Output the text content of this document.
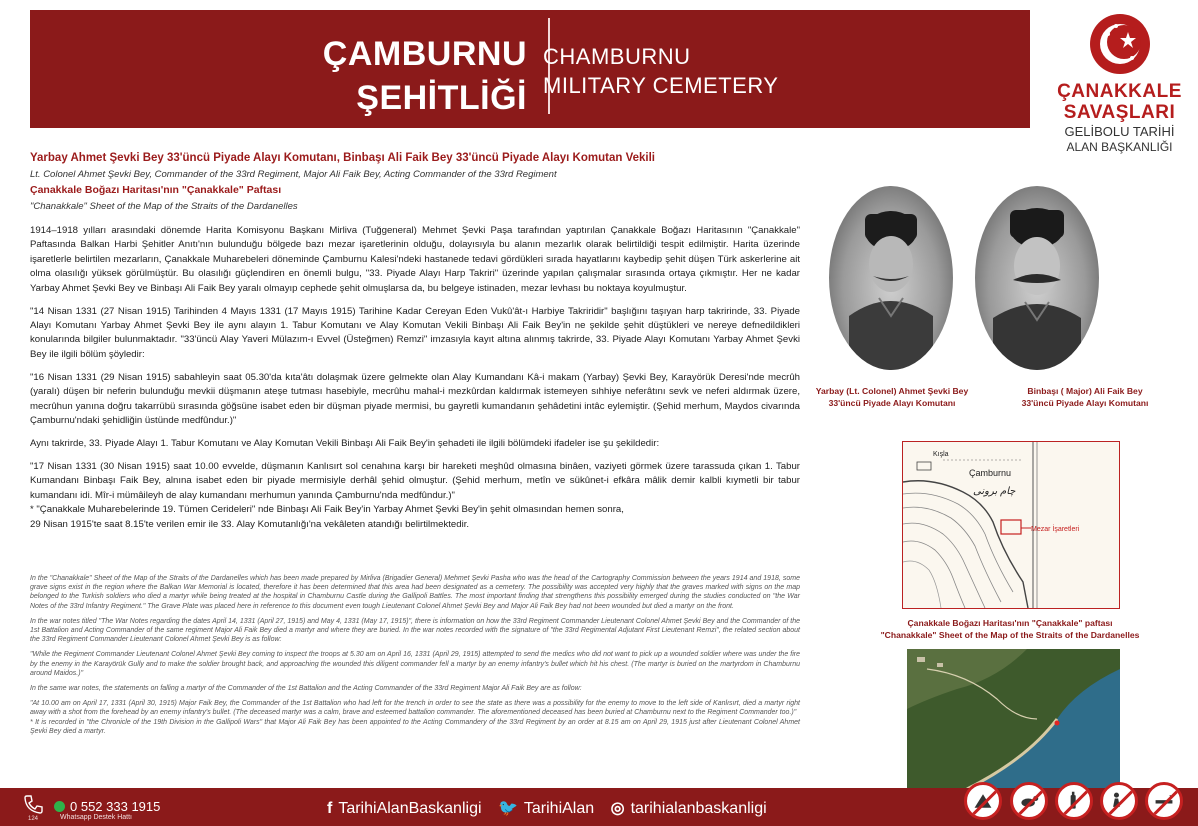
ÇAMBURNU
ŞEHİTLİĞİ
CHAMBURNU
MILITARY CEMETERY	ÇANAKKALE
SAVAŞLARI
GELİBOLU TARİHİ
ALAN BAŞKANLIĞI
Yarbay Ahmet Şevki Bey 33'üncü Piyade Alayı Komutanı, Binbaşı Ali Faik Bey 33'üncü Piyade Alayı Komutan Vekili
Lt. Colonel Ahmet Şevki Bey, Commander of the 33rd Regiment, Major Ali Faik Bey, Acting Commander of the 33rd Regiment
Çanakkale Boğazı Haritası'nın "Çanakkale" Paftası
"Chanakkale" Sheet of the Map of the Straits of the Dardanelles

1914–1918 yılları arasındaki dönemde Harita Komisyonu Başkanı Mirliva (Tuğgeneral) Mehmet Şevki Paşa tarafından yaptırılan Çanakkale Boğazı Haritasının "Çanakkale" Paftasında Balkan Harbi Şehitler Anıtı'nın bulunduğu bölgede bazı mezar işaretlerinin olduğu, dolayısıyla bu alanın mezarlık olarak belirtildiği tespit edilmiştir. Harita üzerinde işaretlerle belirtilen mezarların, Çanakkale Muharebeleri döneminde Çamburnu Kalesi'ndeki hastanede tedavi gördükleri sırada hayatlarını kaybedip şehit düşen Türk askerlerine ait olma olasılığı yüksek görülmüştür. Bu olasılığı güçlendiren en önemli bulgu, "33. Piyade Alayı Harp Takriri" üzerinde yapılan çalışmalar sırasında ortaya çıkmıştır. Her ne kadar Yarbay Ahmet Şevki Bey ve Binbaşı Ali Faik Bey yaralı olmayıp cephede şehit olmuşlarsa da, bu belgeye istinaden, mezar levhası bu noktaya koyulmuştur.

"14 Nisan 1331 (27 Nisan 1915) Tarihinden 4 Mayıs 1331 (17 Mayıs 1915) Tarihine Kadar Cereyan Eden Vukû'ât-ı Harbiye Takriridir" başlığını taşıyan harp takririnde, 33. Piyade Alayı Komutanı Yarbay Ahmet Şevki Bey ile aynı alayın 1. Tabur Komutanı ve Alay Komutan Vekili Binbaşı Ali Faik Bey'in ne şekilde şehit düştükleri ve nereye defnedildikleri konularında bilgiler bulunmaktadır. "33'üncü Alay Yaveri Mülazım-ı Evvel (Üsteğmen) Remzi" imzasıyla kayıt altına alınmış takrirde, 33. Piyade Alayı Komutanı Yarbay Ahmet Şevki Bey ile ilgili bölüm şöyledir:

"16 Nisan 1331 (29 Nisan 1915) sabahleyin saat 05.30'da kıta'âtı dolaşmak üzere gelmekte olan Alay Kumandanı Kâ-i makam (Yarbay) Şevki Bey, Karayörük Deresi'nde mecrûh (yaralı) düşen bir neferin bulunduğu mevkii düşmanın ateşe tutması hasebiyle, mecrûhu mahal-i mezkûrdan kaldırmak istemeyen sıhhiye neferâtını sevk ve neferi aldırmak üzere, mecrûhun yanına doğru takarrübü sırasında göğsüne isabet eden bir düşman piyade mermisi, bu gayretli kumandanın şehâdetini intâc eylemiştir. (Şehid merhum, Maydos civarında Çamburnu'ndaki şehidliğin üstünde medfûndur.)"

Aynı takrirde, 33. Piyade Alayı 1. Tabur Komutanı ve Alay Komutan Vekili Binbaşı Ali Faik Bey'in şehadeti ile ilgili bölümdeki ifadeler ise şu şekildedir:

"17 Nisan 1331 (30 Nisan 1915) saat 10.00 evvelde, düşmanın Kanlısırt sol cenahına karşı bir hareketi meşhûd olmasına binâen, vaziyeti görmek üzere tarassuda çıkan 1. Tabur Kumandanı Binbaşı Faik Bey, alnına isabet eden bir piyade mermisiyle derhâl şehid olmuştur. (Şehid merhum, metîn ve sükûnet-i efkâra mâlik demir kalbli kıymetli bir tabur kumandanı idi. Mîr-i mümâileyh de alay kumandanı merhumun yanında Çamburnu'nda medfûndur.)"

* "Çanakkale Muharebelerinde 19. Tümen Cerideleri" nde Binbaşı Ali Faik Bey'in Yarbay Ahmet Şevki Bey'in şehit olmasından hemen sonra,
29 Nisan 1915'te saat 8.15'te verilen emir ile 33. Alay Komutanlığı'na vekâleten atandığı belirtilmektedir.

In the "Chanakkale" Sheet of the Map of the Straits of the Dardanelles which has been made prepared by Mirliva (Brigadier General) Mehmet Şevki Pasha who was the head of the Cartography Commission between the years 1914 and 1918, some grave signs exist in the region where the Balkan War Memorial is located, therefore it has been determined that this area had been designated as a cemetery. The possibility was accepted very highly that the graves marked with signs on the map belonged to the Turkish soldiers who died a martyr while being treated at the hospital in Chamburnu Castle during the Gallipoli Battles. The most important finding that strengthens this possibility emerged during the studies conducted on "the War Notes of the 33rd Infantry Regiment." The Grave Plate was placed here in reference to this document even tough Lieutenant Colonel Ahmet Şevki Bey and Major Ali Faik Bey had not been wounded but died a martyr on the front.

In the war notes titled "The War Notes regarding the dates April 14, 1331 (April 27, 1915) and May 4, 1331 (May 17, 1915)", there is information on how the 33rd Regiment Commander Lieutenant Colonel Ahmet Şevki Bey and the Commander of the 1st Battalion and Acting Commander of the same regiment Major Ali Faik Bey died a martyr and where they are buried. In the war notes recorded with the signature of "the 33rd Regimental Adjutant First Lieutenant Remzi", the related section about the 33rd Regiment Commander Lieutenant Colonel Ahmet Şevki Bey is as follow:

"While the Regiment Commander Lieutenant Colonel Ahmet Şevki Bey coming to inspect the troops at 5.30 am on April 16, 1331 (April 29, 1915) attempted to send the medics who did not want to pick up a wounded soldier where was under the fire by the enemy in the Karayörük Gully and to make the soldier brought back, and approaching the wounded this diligent commander fell a martyr by an enemy infantry's bullet which hit his chest. (The martyr is buried on the martyrdom in Chamburnu around Maidos.)"

In the same war notes, the statements on falling a martyr of the Commander of the 1st Battalion and the Acting Commander of the 33rd Regiment Major Ali Faik Bey are as follow:

"At 10.00 am on April 17, 1331 (April 30, 1915) Major Faik Bey, the Commander of the 1st Battalion who had left for the trench in order to see the state as there was a possibility for the enemy to move to the left side of Kanlısırt, died a martyr right away with a shot from the forehead by an enemy infantry's bullet. (The deceased martyr was a calm, brave and esteemed battalion commander. The aforementioned deceased has been buried at Chamburnu next to the Regiment Commander too.)"
* It is recorded in "the Chronicle of the 19th Division in the Gallipoli Wars" that Major Ali Faik Bey has been appointed to the Acting Commandery of the 33rd Regiment by an order at 8.15 am on April 29, 1915 just after Lieutenant Colonel Ahmet Şevki Bey died a martyr.

Yarbay (Lt. Colonel) Ahmet Şevki Bey
33'üncü Piyade Alayı Komutanı
Binbaşı ( Major) Ali Faik Bey
33'üncü Piyade Alayı Komutanı
Kışla
Çamburnu
چام برونی
Mezar İşaretleri
Çanakkale Boğazı Haritası'nın "Çanakkale" paftası
"Chanakkale" Sheet of the Map of the Straits of the Dardanelles
124
0 552 333 1915
Whatsapp Destek Hattı
f TarihiAlanBaskanligi 🐦 TarihiAlan ◎ tarihialanbaskanligi
